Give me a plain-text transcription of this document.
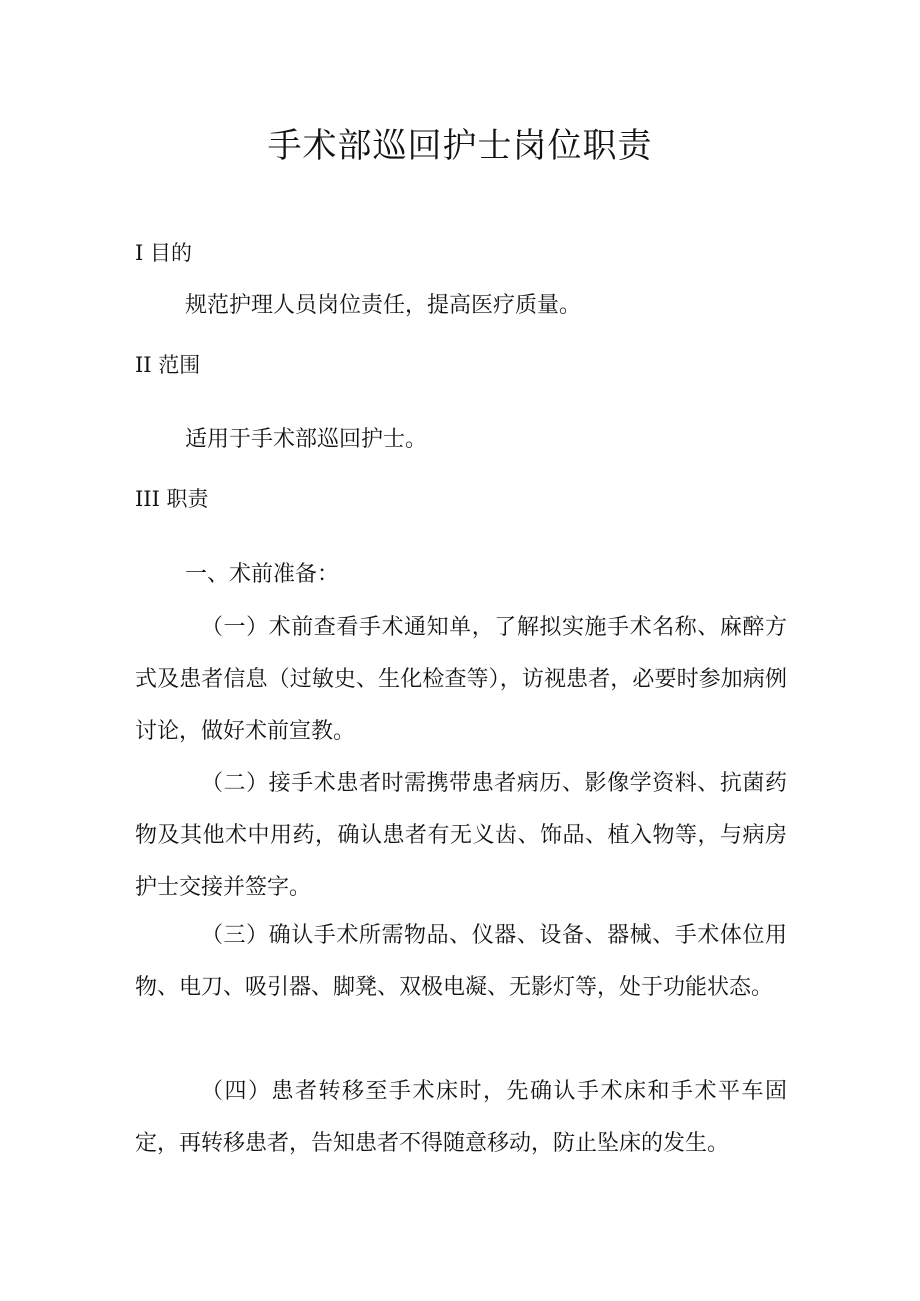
手术部巡回护士岗位职责
I 目的
规范护理人员岗位责任，提高医疗质量。
II 范围
适用于手术部巡回护士。
III 职责
一、术前准备：
（一）术前查看手术通知单，了解拟实施手术名称、麻醉方式及患者信息（过敏史、生化检查等），访视患者，必要时参加病例讨论，做好术前宣教。
（二）接手术患者时需携带患者病历、影像学资料、抗菌药物及其他术中用药，确认患者有无义齿、饰品、植入物等，与病房护士交接并签字。
（三）确认手术所需物品、仪器、设备、器械、手术体位用物、电刀、吸引器、脚凳、双极电凝、无影灯等，处于功能状态。
（四）患者转移至手术床时，先确认手术床和手术平车固定，再转移患者，告知患者不得随意移动，防止坠床的发生。
